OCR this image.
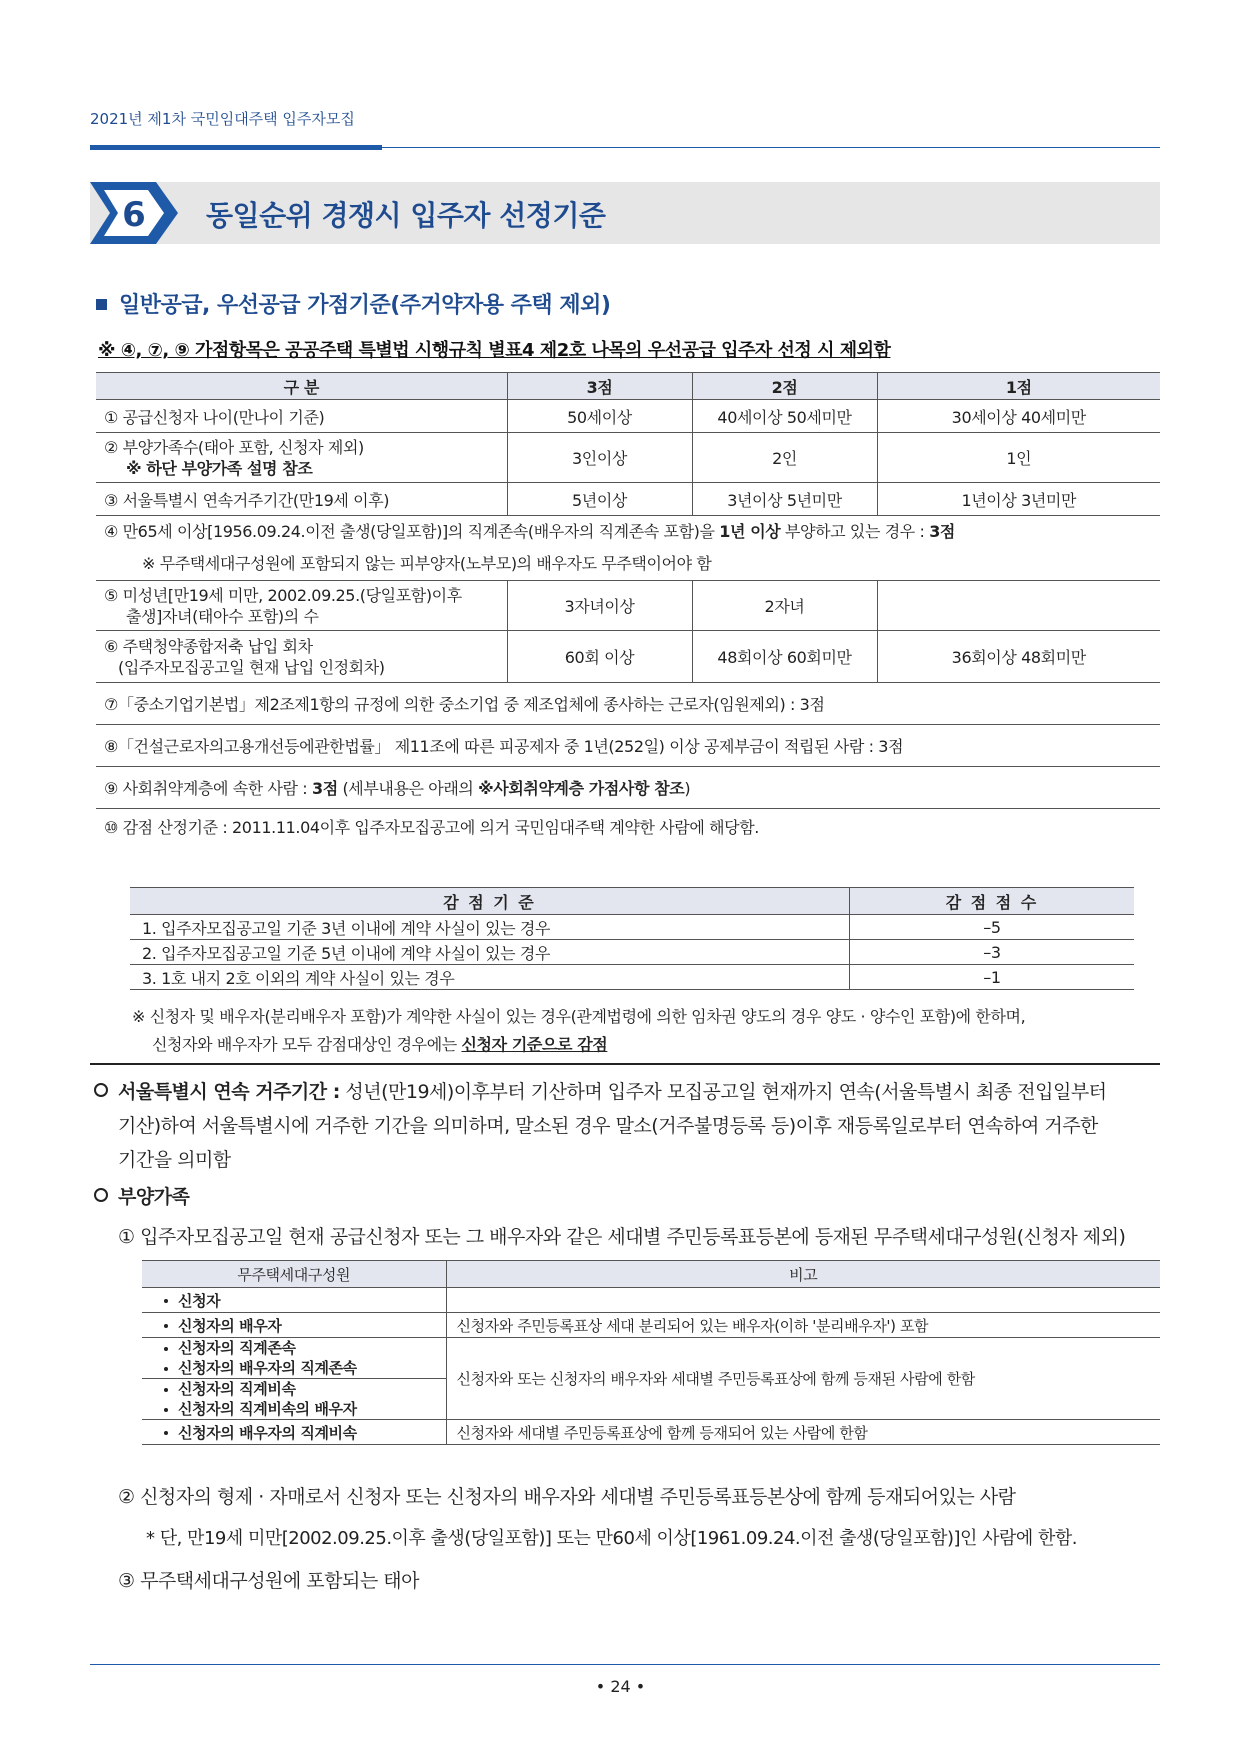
2021년 제1차 국민임대주택 입주자모집
6 동일순위 경쟁시 입주자 선정기준
일반공급, 우선공급 가점기준(주거약자용 주택 제외)
※ ④, ⑦, ⑨ 가점항목은 공공주택 특별법 시행규칙 별표4 제2호 나목의 우선공급 입주자 선정 시 제외함
구 분	3점	2점	1점
① 공급신청자 나이(만나이 기준)	50세이상	40세이상 50세미만	30세이상 40세미만

② 부양가족수(태아 포함, 신청자 제외)
※ 하단 부양가족 설명 참조	3인이상	2인	1인
③ 서울특별시 연속거주기간(만19세 이후)	5년이상	3년이상 5년미만	1년이상 3년미만

④ 만65세 이상[1956.09.24.이전 출생(당일포함)]의 직계존속(배우자의 직계존속 포함)을 1년 이상 부양하고 있는 경우 : 3점
※ 무주택세대구성원에 포함되지 않는 피부양자(노부모)의 배우자도 무주택이어야 함			

⑤ 미성년[만19세 미만, 2002.09.25.(당일포함)이후
출생]자녀(태아수 포함)의 수	3자녀이상	2자녀	

⑥ 주택청약종합저축 납입 회차
(입주자모집공고일 현재 납입 인정회차)	60회 이상	48회이상 60회미만	36회이상 48회미만
⑦「중소기업기본법」제2조제1항의 규정에 의한 중소기업 중 제조업체에 종사하는 근로자(임원제외) : 3점			
⑧「건설근로자의고용개선등에관한법률」 제11조에 따른 피공제자 중 1년(252일) 이상 공제부금이 적립된 사람 : 3점			
⑨ 사회취약계층에 속한 사람 : 3점 (세부내용은 아래의 ※사회취약계층 가점사항 참조)			
⑩ 감점 산정기준 : 2011.11.04이후 입주자모집공고에 의거 국민임대주택 계약한 사람에 해당함.			
감 점 기 준	감 점 점 수
1. 입주자모집공고일 기준 3년 이내에 계약 사실이 있는 경우	–5
2. 입주자모집공고일 기준 5년 이내에 계약 사실이 있는 경우	–3
3. 1호 내지 2호 이외의 계약 사실이 있는 경우	–1
※ 신청자 및 배우자(분리배우자 포함)가 계약한 사실이 있는 경우(관계법령에 의한 임차권 양도의 경우 양도 · 양수인 포함)에 한하며,
신청자와 배우자가 모두 감점대상인 경우에는 신청자 기준으로 감점
서울특별시 연속 거주기간 : 성년(만19세)이후부터 기산하며 입주자 모집공고일 현재까지 연속(서울특별시 최종 전입일부터
기산)하여 서울특별시에 거주한 기간을 의미하며, 말소된 경우 말소(거주불명등록 등)이후 재등록일로부터 연속하여 거주한
기간을 의미함
부양가족
① 입주자모집공고일 현재 공급신청자 또는 그 배우자와 같은 세대별 주민등록표등본에 등재된 무주택세대구성원(신청자 제외)
무주택세대구성원	비고
신청자	
신청자의 배우자	신청자와 주민등록표상 세대 분리되어 있는 배우자(이하 '분리배우자') 포함

신청자의 직계존속
신청자의 배우자의 직계존속	신청자와 또는 신청자의 배우자와 세대별 주민등록표상에 함께 등재된 사람에 한함

신청자의 직계비속
신청자의 직계비속의 배우자	

신청자의 배우자의 직계비속	신청자와 세대별 주민등록표상에 함께 등재되어 있는 사람에 한함
② 신청자의 형제 · 자매로서 신청자 또는 신청자의 배우자와 세대별 주민등록표등본상에 함께 등재되어있는 사람
* 단, 만19세 미만[2002.09.25.이후 출생(당일포함)] 또는 만60세 이상[1961.09.24.이전 출생(당일포함)]인 사람에 한함.
③ 무주택세대구성원에 포함되는 태아
• 24 •
